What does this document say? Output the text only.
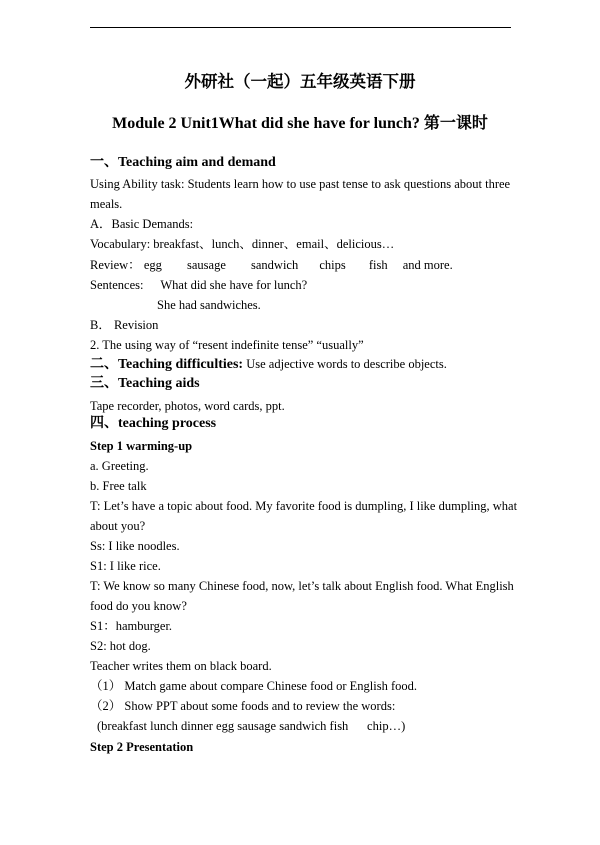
外研社（一起）五年级英语下册
Module 2 Unit1What did she have for lunch? 第一课时
一、Teaching aim and demand
Using Ability task: Students learn how to use past tense to ask questions about three
meals.
A．Basic Demands:
Vocabulary: breakfast、lunch、dinner、email、delicious…
Review： egg sausage sandwich chips fish and more.
Sentences: What did she have for lunch?
She had sandwiches.
B． Revision
2. The using way of “resent indefinite tense” “usually”
二、Teaching difficulties: Use adjective words to describe objects.
三、Teaching aids
Tape recorder, photos, word cards, ppt.
四、teaching process
Step 1 warming-up
a. Greeting.
b. Free talk
T: Let’s have a topic about food. My favorite food is dumpling, I like dumpling, what
about you?
Ss: I like noodles.
S1: I like rice.
T: We know so many Chinese food, now, let’s talk about English food. What English
food do you know?
S1：hamburger.
S2: hot dog.
Teacher writes them on black board.
（1） Match game about compare Chinese food or English food.
（2） Show PPT about some foods and to review the words:
(breakfast lunch dinner egg sausage sandwich fish      chip…)
Step 2 Presentation
